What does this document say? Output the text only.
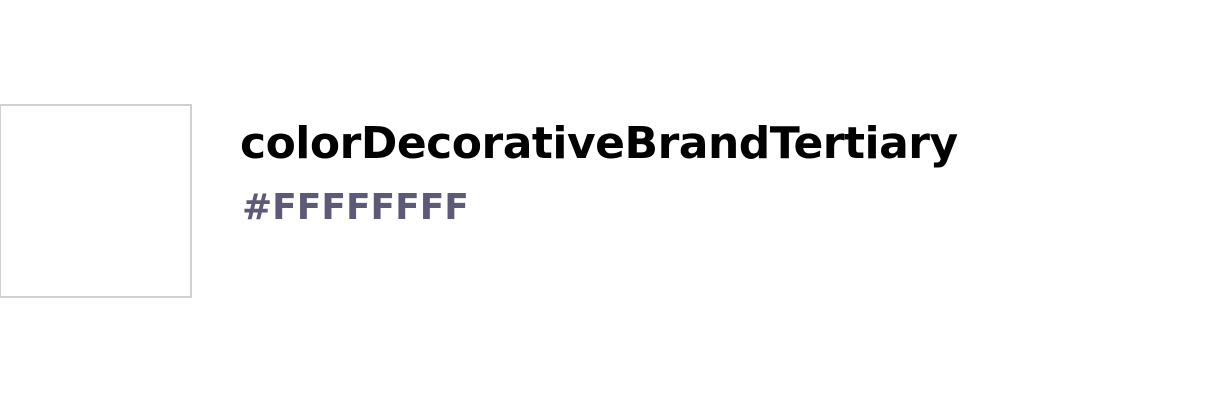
colorDecorativeBrandTertiary
#FFFFFFFF
